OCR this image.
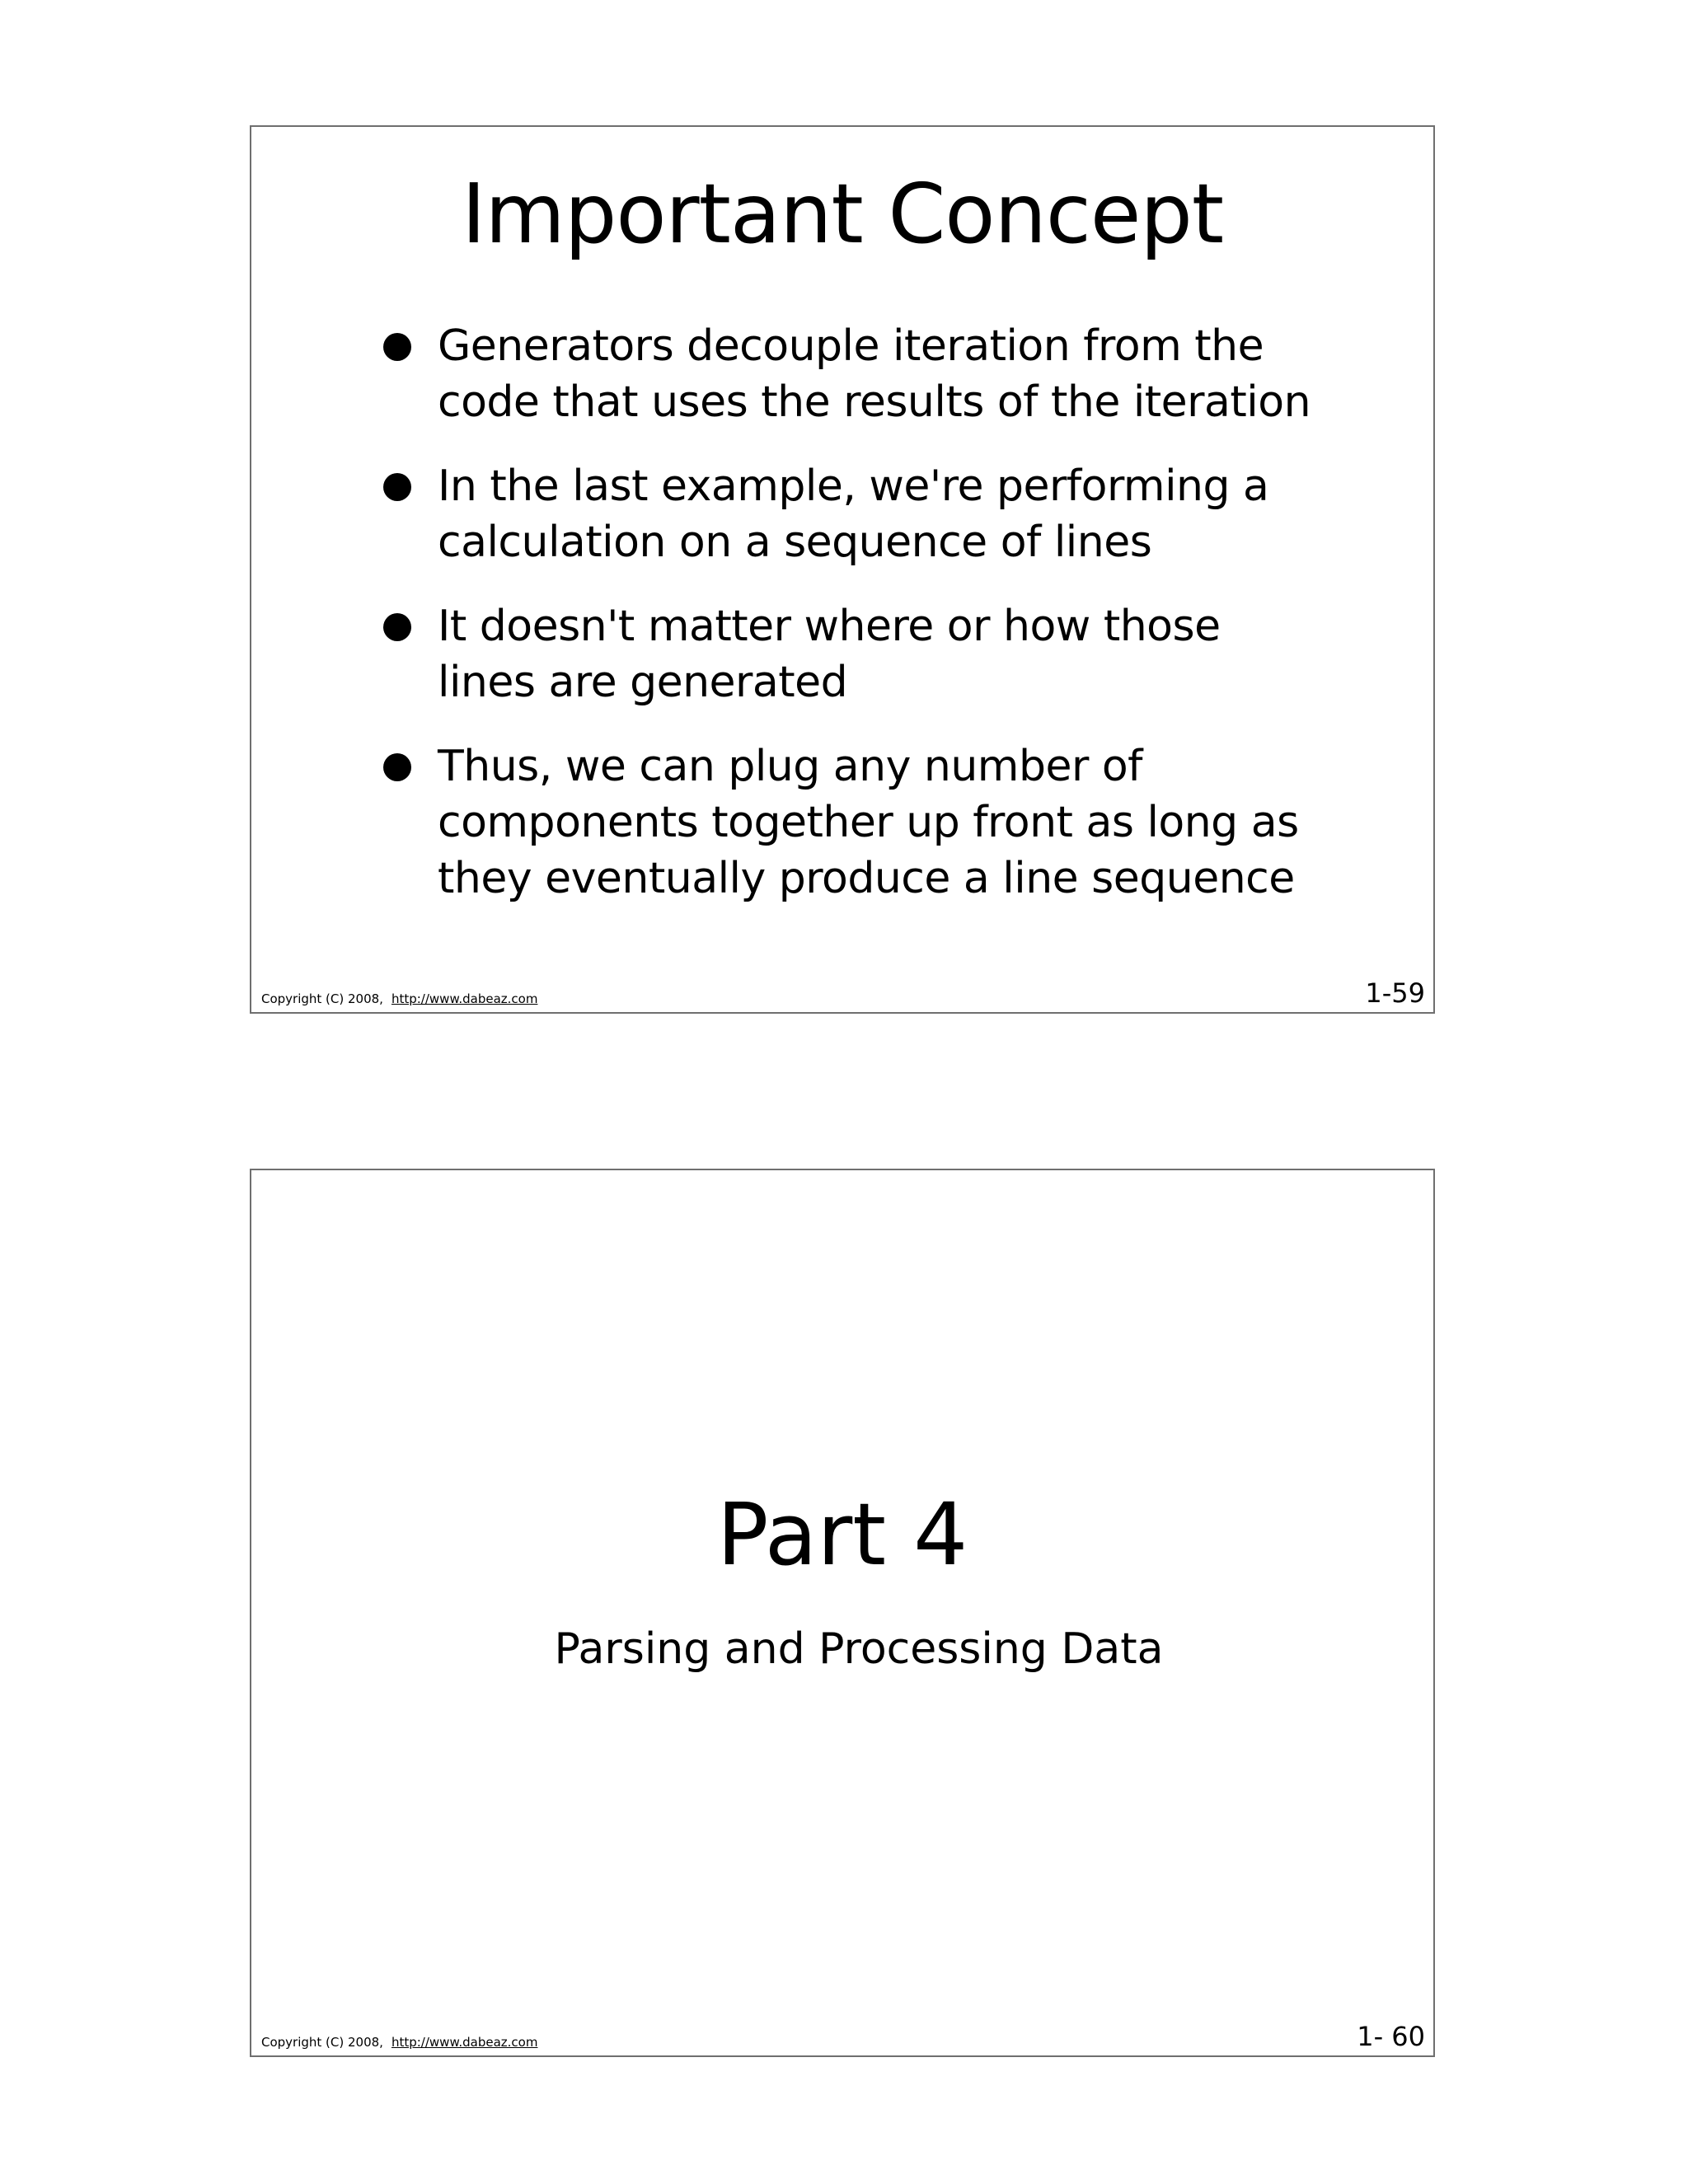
Important Concept
Generators decouple iteration from the
code that uses the results of the iteration
In the last example, we're performing a
calculation on a sequence of lines
It doesn't matter where or how those
lines are generated
Thus, we can plug any number of
components together up front as long as
they eventually produce a line sequence
Copyright (C) 2008, http://www.dabeaz.com	1-59
Part 4
Parsing and Processing Data
Copyright (C) 2008, http://www.dabeaz.com	1- 60
